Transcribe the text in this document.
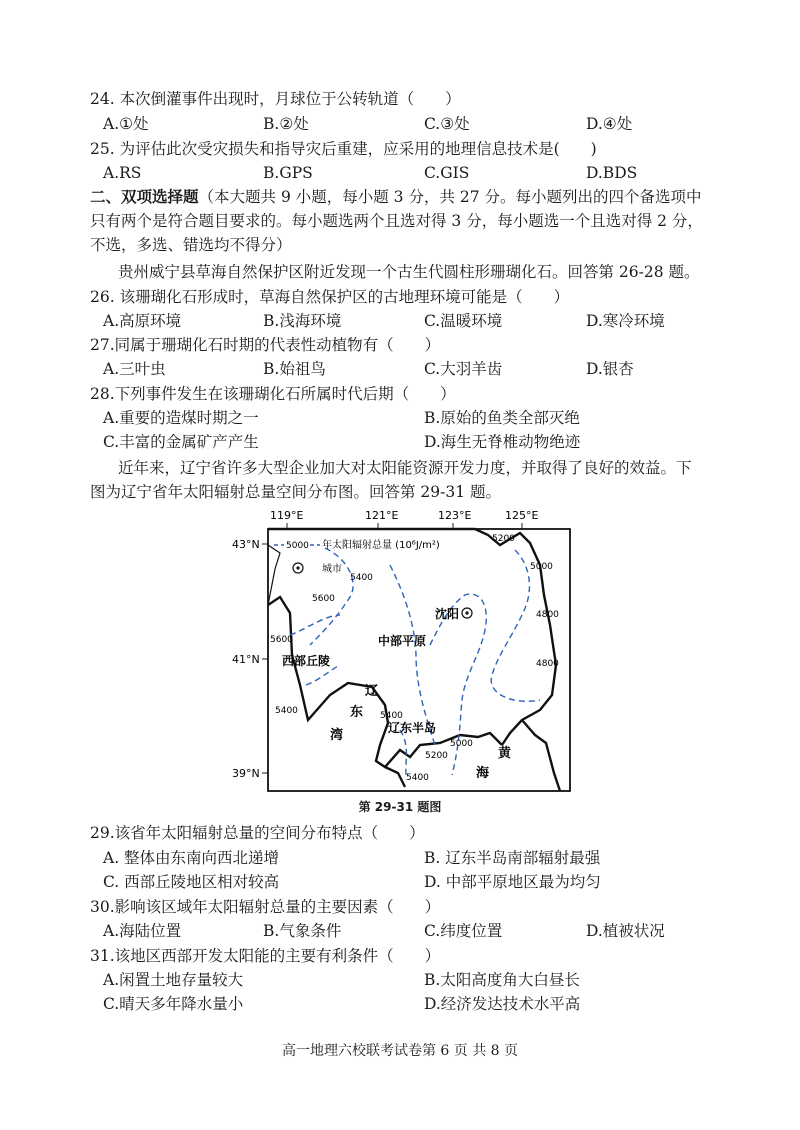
24. 本次倒灌事件出现时，月球位于公转轨道（　　）
A.①处	B.②处	C.③处	D.④处
25. 为评估此次受灾损失和指导灾后重建，应采用的地理信息技术是(　　)
A.RS	B.GPS	C.GIS	D.BDS
二、双项选择题（本大题共 9 小题，每小题 3 分，共 27 分。每小题列出的四个备选项中
只有两个是符合题目要求的。每小题选两个且选对得 3 分，每小题选一个且选对得 2 分，
不选，多选、错选均不得分）
贵州威宁县草海自然保护区附近发现一个古生代圆柱形珊瑚化石。回答第 26-28 题。
26. 该珊瑚化石形成时，草海自然保护区的古地理环境可能是（　　）
A.高原环境	B.浅海环境	C.温暖环境	D.寒冷环境
27.同属于珊瑚化石时期的代表性动植物有（　　）
A.三叶虫	B.始祖鸟	C.大羽羊齿	D.银杏
28.下列事件发生在该珊瑚化石所属时代后期（　　）
A.重要的造煤时期之一	B.原始的鱼类全部灭绝
C.丰富的金属矿产产生	D.海生无脊椎动物绝迹
近年来，辽宁省许多大型企业加大对太阳能资源开发力度，并取得了良好的效益。下
图为辽宁省年太阳辐射总量空间分布图。回答第 29-31 题。
119°E	121°E	123°E	125°E
43°N
41°N
39°N
5400
5600
5600
5400	5400
5200
5000
4800
4800
5200
5000
5400
5000 年太阳辐射总量 (10⁶J/m²)
城市
沈阳
中部平原
西部丘陵
辽
东
湾	辽东半岛
黄
海
第 29-31 题图
29.该省年太阳辐射总量的空间分布特点（　　）
A. 整体由东南向西北递增	B. 辽东半岛南部辐射最强
C. 西部丘陵地区相对较高	D. 中部平原地区最为均匀
30.影响该区域年太阳辐射总量的主要因素（　　）
A.海陆位置	B.气象条件	C.纬度位置	D.植被状况
31.该地区西部开发太阳能的主要有利条件（　　）
A.闲置土地存量较大	B.太阳高度角大白昼长
C.晴天多年降水量小	D.经济发达技术水平高
高一地理六校联考试卷第 6 页 共 8 页
